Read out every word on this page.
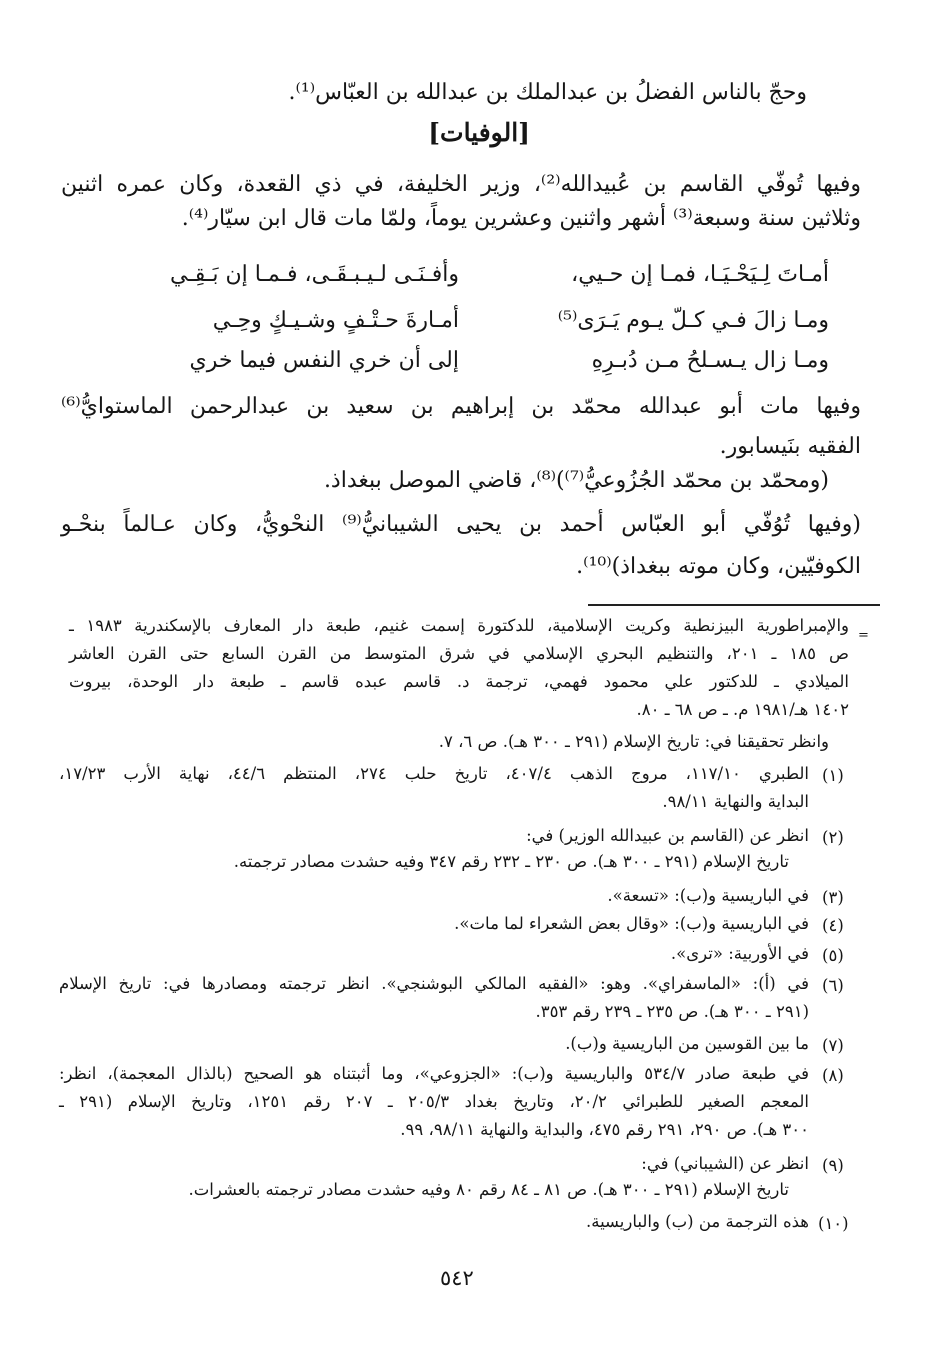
وحجّ بالناس الفضلُ بن عبدالملك بن عبدالله بن العبّاس⁽¹⁾.
[الوفيات]
وفيها تُوفّي القاسم بن عُبيدالله⁽²⁾، وزير الخليفة، في ذي القعدة، وكان عمره اثنين
وثلاثين سنة وسبعة⁽³⁾ أشهر واثنين وعشرين يوماً، ولمّا مات قال ابن سيّار⁽⁴⁾.
أمـاتَ لِـيَحْـيَـا، فمـا إن حـيي،
وأفـنَـى لـيـبـقَـى، فـمـا إن بَـقِـي
ومـا زالَ فـي كـلّ يـوم يَـرَى⁽⁵⁾
أمـارةَ حـتْـفٍ وشـيـكٍ وحِـي
ومـا زال يـسـلحُ مـن دُبـرِهِ
إلى أن خري النفس فيما خري
وفيها مات أبو عبدالله محمّد بن إبراهيم بن سعيد بن عبدالرحمن الماستوايُّ⁽⁶⁾
الفقيه بنَيسابور.
(ومحمّد بن محمّد الجُزُوعيُّ⁽⁷⁾)⁽⁸⁾، قاضي الموصل ببغداذ.
(وفيها تُوُفّي أبو العبّاس أحمد بن يحيى الشيبانيُّ⁽⁹⁾ النحْويُّ، وكان عـالماً بنحْـو
الكوفيّين، وكان موته ببغداذ)⁽¹⁰⁾.
=
والإمبراطورية البيزنطية وكريت الإسلامية، للدكتورة إسمت غنيم، طبعة دار المعارف بالإسكندرية ١٩٨٣ ـ
ص ١٨٥ ـ ٢٠١، والتنظيم البحري الإسلامي في شرق المتوسط من القرن السابع حتى القرن العاشر
الميلادي ـ للدكتور علي محمود فهمي، ترجمة د. قاسم عبده قاسم ـ طبعة دار الوحدة، بيروت
١٤٠٢ هـ/١٩٨١ م. ـ ص ٦٨ ـ ٨٠.
وانظر تحقيقنا في: تاريخ الإسلام (٢٩١ ـ ٣٠٠ هـ). ص ٦، ٧.
(١)
الطبري ١١٧/١٠، مروج الذهب ٤٠٧/٤، تاريخ حلب ٢٧٤، المنتظم ٤٤/٦، نهاية الأرب ١٧/٢٣،
البداية والنهاية ٩٨/١١.
(٢)
انظر عن (القاسم بن عبيدالله الوزير) في:
تاريخ الإسلام (٢٩١ ـ ٣٠٠ هـ). ص ٢٣٠ ـ ٢٣٢ رقم ٣٤٧ وفيه حشدت مصادر ترجمته.
(٣)
في الباريسية و(ب): «تسعة».
(٤)
في الباريسية و(ب): «وقال بعض الشعراء لما مات».
(٥)
في الأوربية: «ترى».
(٦)
في (أ): «الماسفراي». وهو: «الفقيه المالكي البوشنجي». انظر ترجمته ومصادرها في: تاريخ الإسلام
(٢٩١ ـ ٣٠٠ هـ). ص ٢٣٥ ـ ٢٣٩ رقم ٣٥٣.
(٧)
ما بين القوسين من الباريسية و(ب).
(٨)
في طبعة صادر ٥٣٤/٧ والباريسية و(ب): «الجزوعي»، وما أثبتناه هو الصحيح (بالذال المعجمة)، انظر:
المعجم الصغير للطبرائي ٢٠/٢، وتاريخ بغداد ٢٠٥/٣ ـ ٢٠٧ رقم ١٢٥١، وتاريخ الإسلام (٢٩١ ـ
٣٠٠ هـ). ص ٢٩٠، ٢٩١ رقم ٤٧٥، والبداية والنهاية ٩٨/١١، ٩٩.
(٩)
انظر عن (الشيباني) في:
تاريخ الإسلام (٢٩١ ـ ٣٠٠ هـ). ص ٨١ ـ ٨٤ رقم ٨٠ وفيه حشدت مصادر ترجمته بالعشرات.
(١٠)
هذه الترجمة من (ب) والباريسية.
٥٤٢
